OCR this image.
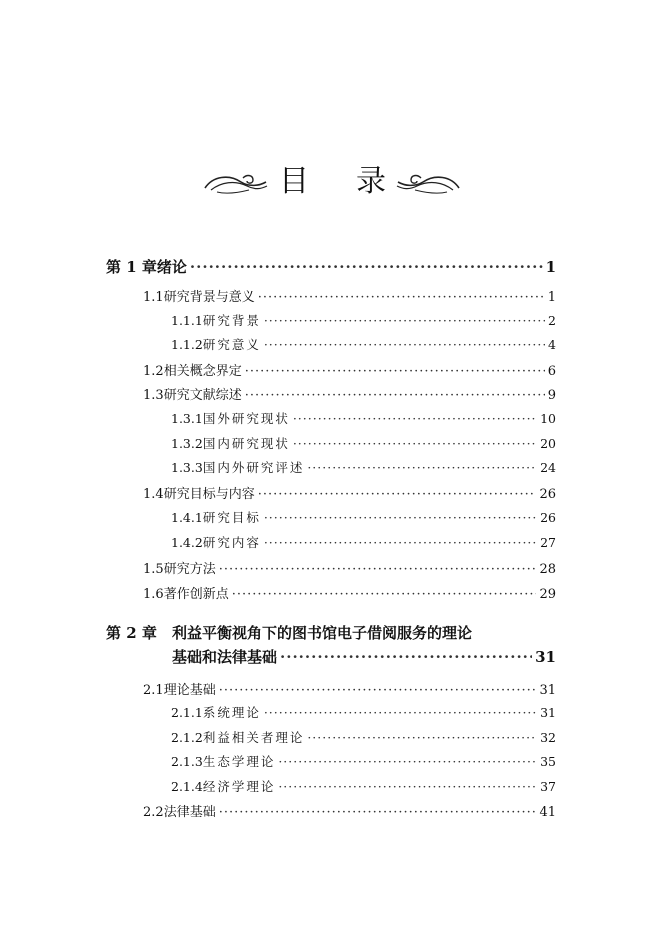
目 录
第 1 章 绪论 ·····	1
1.1 研究背景与意义 ·····	1
1.1.1 研究背景 ·····	2
1.1.2 研究意义 ·····	4
1.2 相关概念界定 ·····	6
1.3 研究文献综述 ·····	9
1.3.1 国外研究现状 ·····	10
1.3.2 国内研究现状 ·····	20
1.3.3 国内外研究评述 ·····	24
1.4 研究目标与内容 ·····	26
1.4.1 研究目标 ·····	26
1.4.2 研究内容 ·····	27
1.5 研究方法 ·····	28
1.6 著作创新点 ·····	29
第 2 章	利益平衡视角下的图书馆电子借阅服务的理论
基础和法律基础 ·····	31
2.1 理论基础 ·····	31
2.1.1 系统理论 ·····	31
2.1.2 利益相关者理论 ·····	32
2.1.3 生态学理论 ·····	35
2.1.4 经济学理论 ·····	37
2.2 法律基础 ·····	41
